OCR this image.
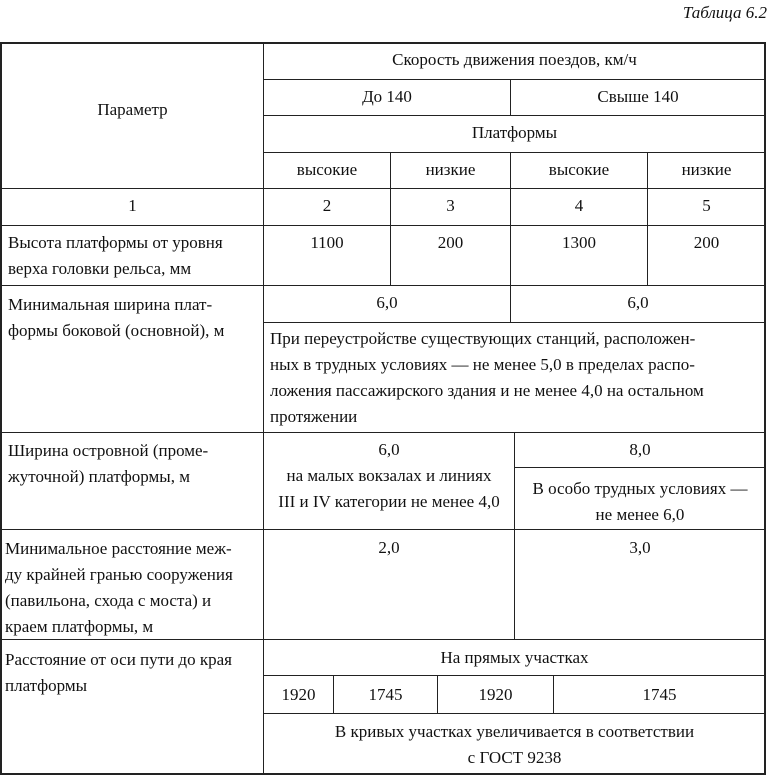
Таблица 6.2
Параметр
Скорость движения поездов, км/ч
До 140	Свыше 140
Платформы
высокие	низкие	высокие	низкие
1	2	3	4	5
Высота платформы от уровня
верха головки рельса, мм
1100	200	1300	200
Минимальная ширина плат-
формы боковой (основной), м
6,0	6,0
При переустройстве существующих станций, расположен-
ных в трудных условиях — не менее 5,0 в пределах распо-
ложения пассажирского здания и не менее 4,0 на остальном
протяжении
Ширина островной (проме-
жуточной) платформы, м
6,0
на малых вокзалах и линиях
III и IV категории не менее 4,0
8,0
В особо трудных условиях —
не менее 6,0
Минимальное расстояние меж-
ду крайней гранью сооружения
(павильона, схода с моста) и
краем платформы, м
2,0	3,0
Расстояние от оси пути до края
платформы
На прямых участках
1920	1745	1920	1745
В кривых участках увеличивается в соответствии
с ГОСТ 9238
